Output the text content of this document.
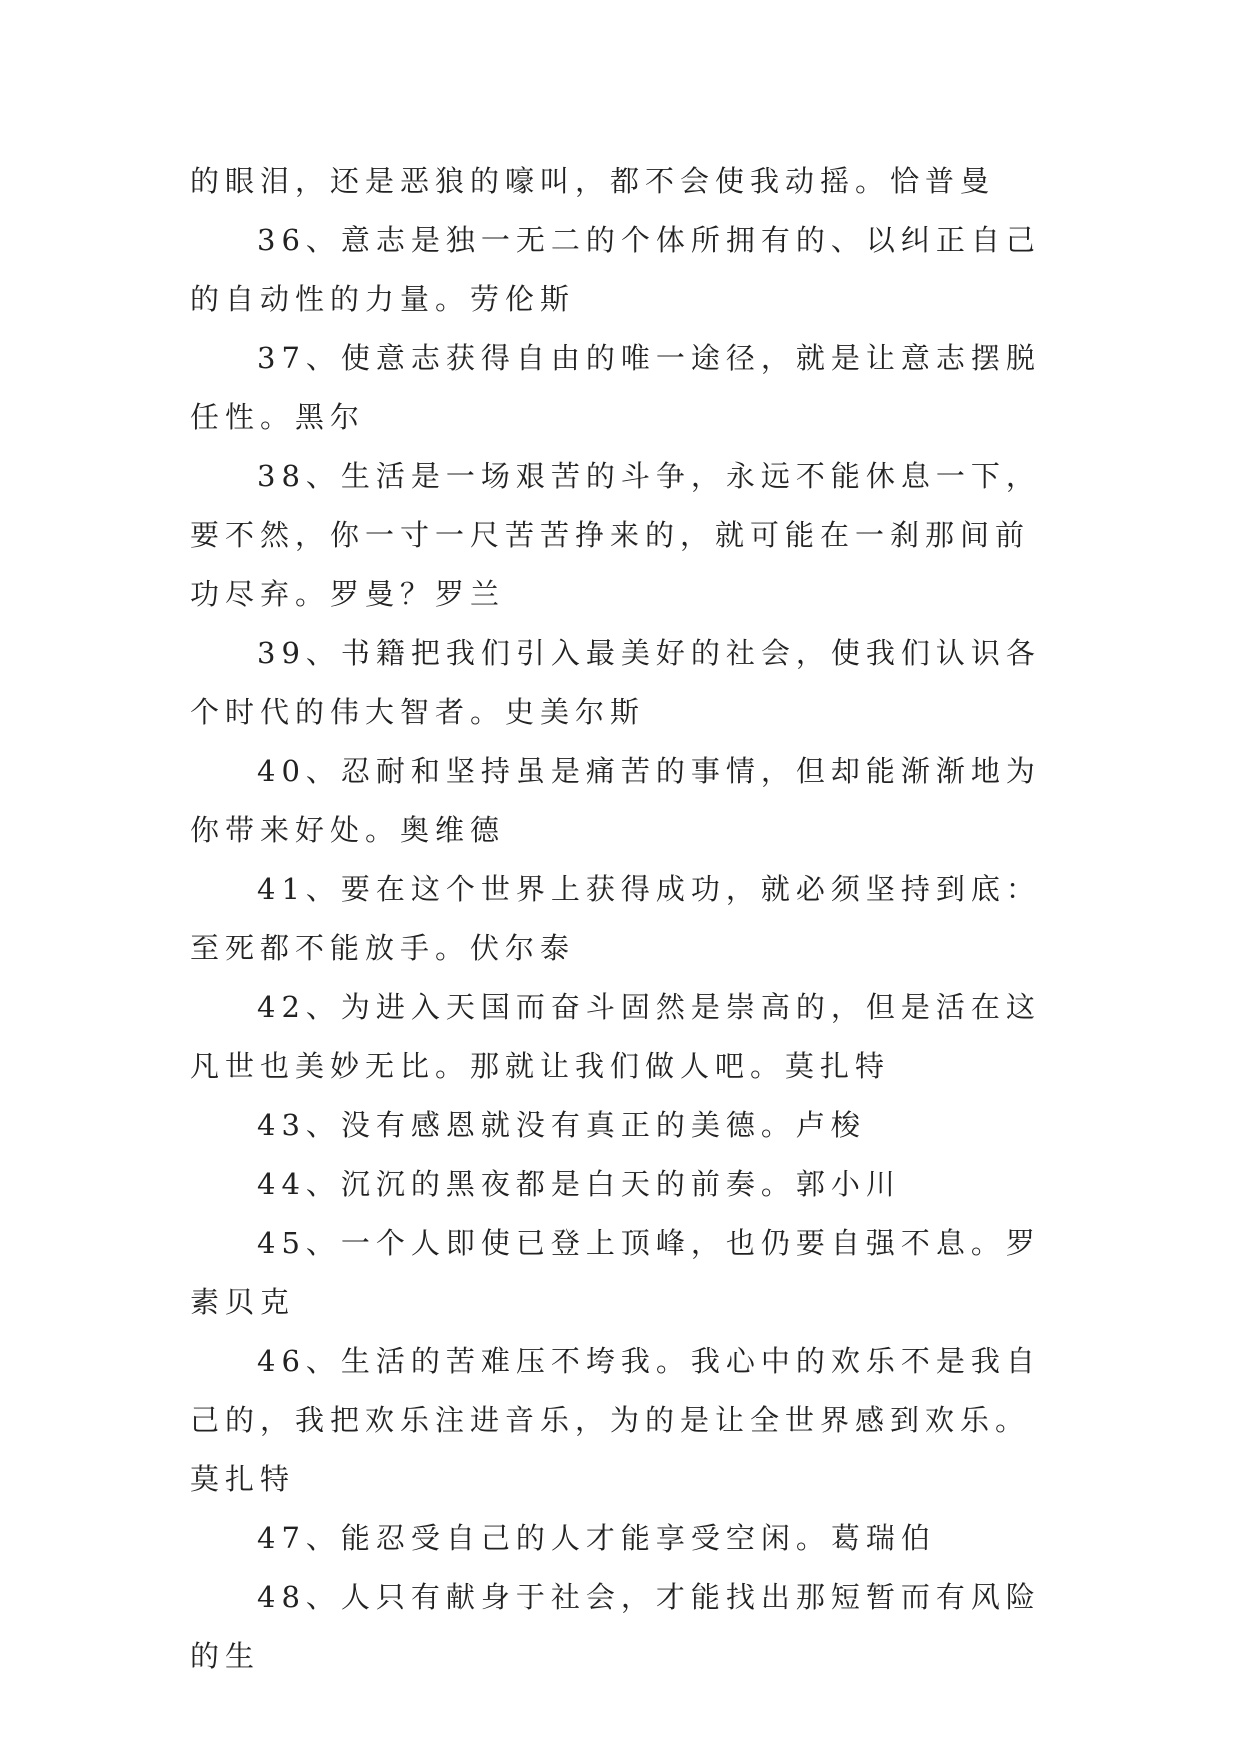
的眼泪，还是恶狼的嚎叫，都不会使我动摇。恰普曼

36、意志是独一无二的个体所拥有的、以纠正自己的自动性的力量。劳伦斯

37、使意志获得自由的唯一途径，就是让意志摆脱任性。黑尔

38、生活是一场艰苦的斗争，永远不能休息一下，要不然，你一寸一尺苦苦挣来的，就可能在一刹那间前功尽弃。罗曼？罗兰

39、书籍把我们引入最美好的社会，使我们认识各个时代的伟大智者。史美尔斯

40、忍耐和坚持虽是痛苦的事情，但却能渐渐地为你带来好处。奥维德

41、要在这个世界上获得成功，就必须坚持到底：至死都不能放手。伏尔泰

42、为进入天国而奋斗固然是崇高的，但是活在这凡世也美妙无比。那就让我们做人吧。莫扎特

43、没有感恩就没有真正的美德。卢梭

44、沉沉的黑夜都是白天的前奏。郭小川

45、一个人即使已登上顶峰，也仍要自强不息。罗素贝克

46、生活的苦难压不垮我。我心中的欢乐不是我自己的，我把欢乐注进音乐，为的是让全世界感到欢乐。莫扎特

47、能忍受自己的人才能享受空闲。葛瑞伯

48、人只有献身于社会，才能找出那短暂而有风险的生
